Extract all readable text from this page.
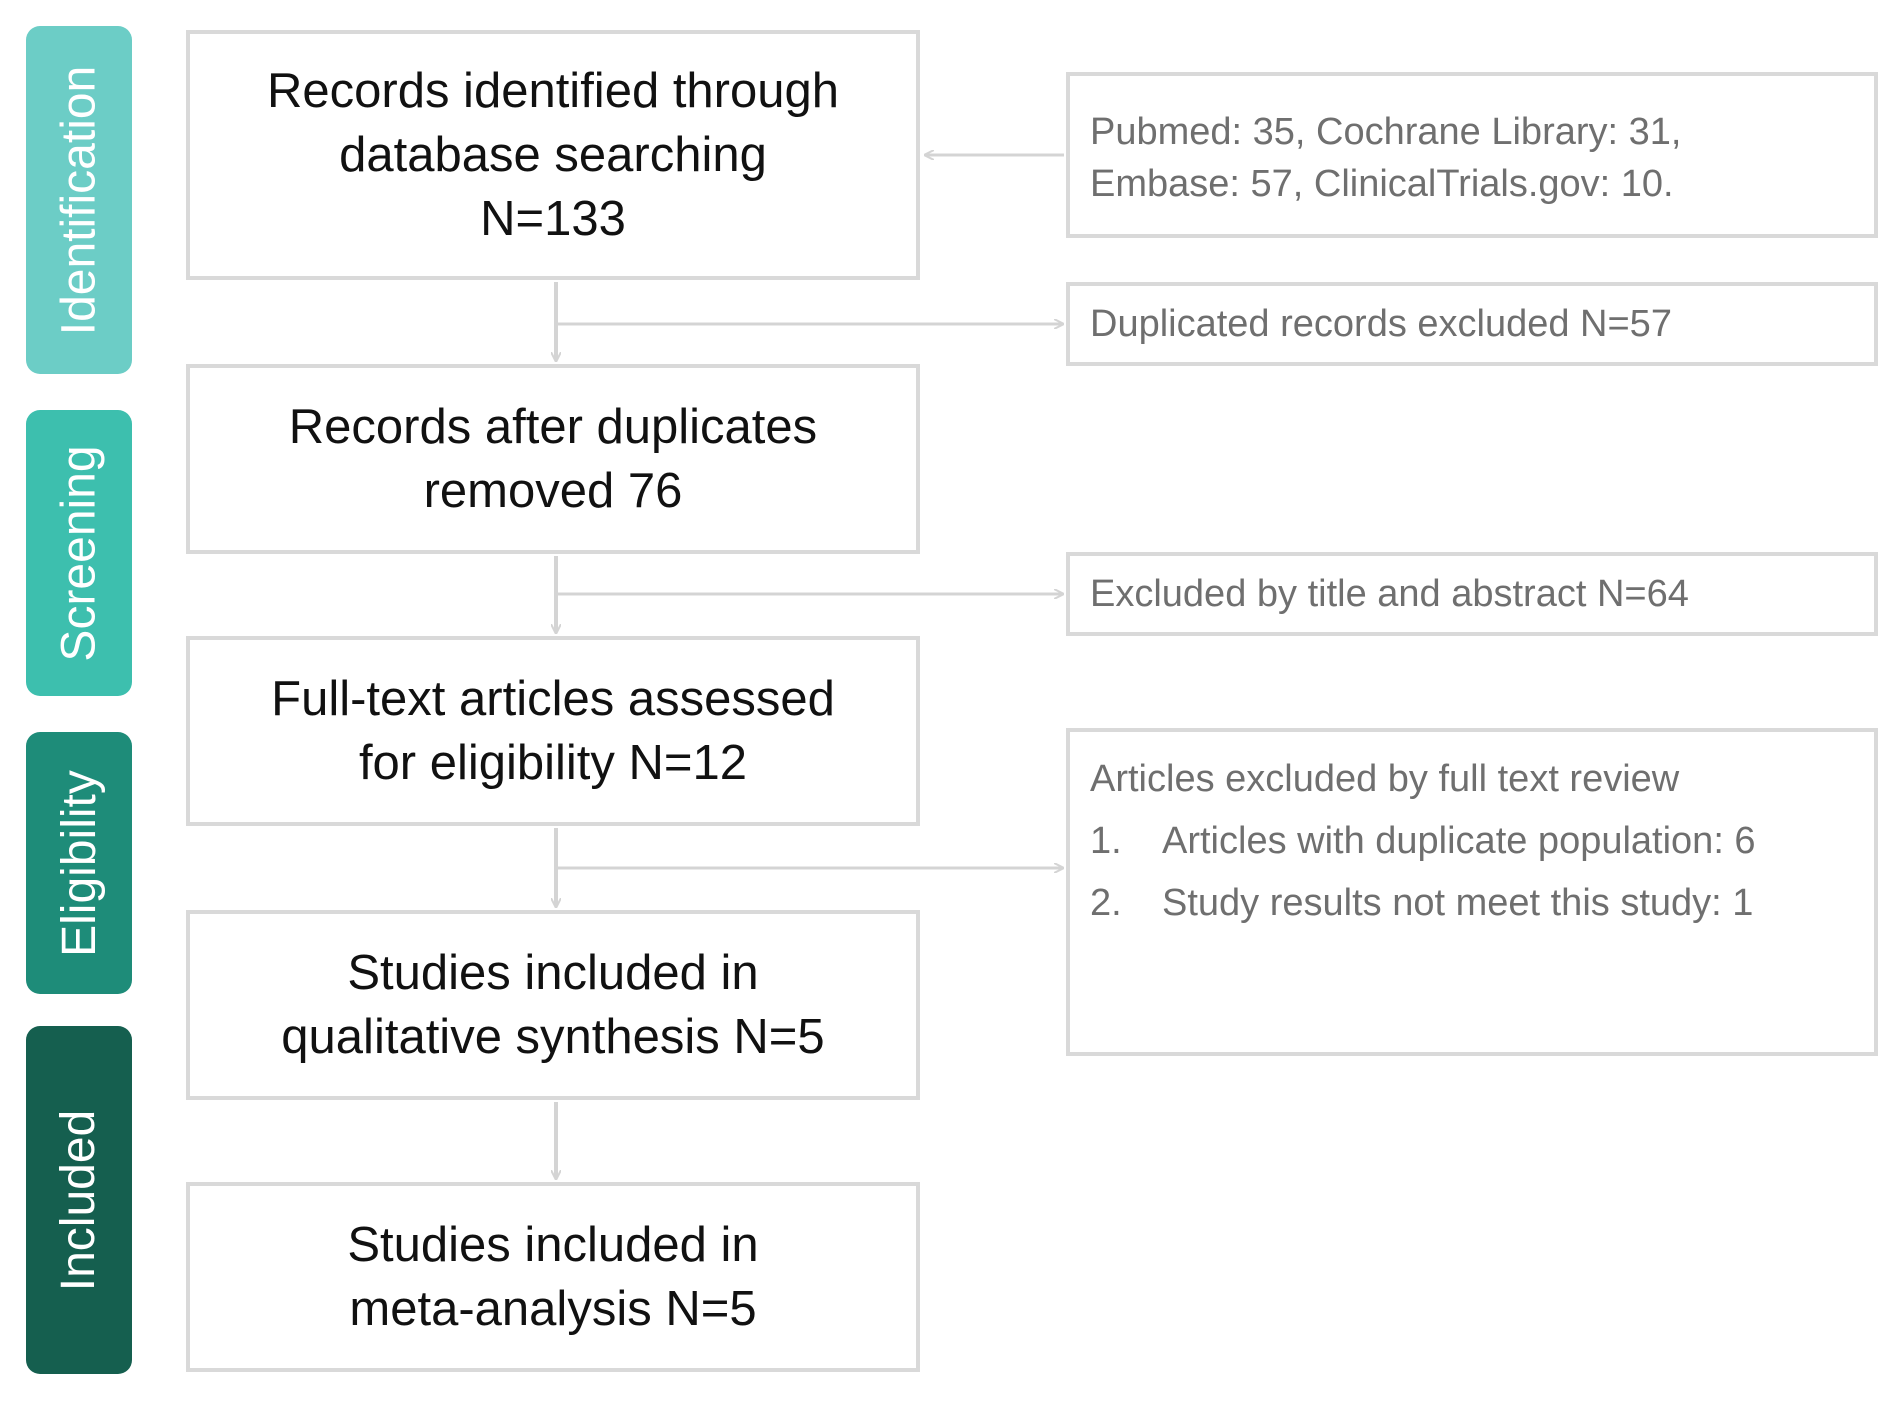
Identification
Screening
Eligibility
Included
Records identified through
database searching
N=133
Records after duplicates
removed 76
Full-text articles assessed
for eligibility N=12
Studies included in
qualitative synthesis N=5
Studies included in
meta-analysis N=5
Pubmed: 35, Cochrane Library: 31,
Embase: 57, ClinicalTrials.gov: 10.
Duplicated records excluded N=57
Excluded by title and abstract N=64
Articles excluded by full text review
1.	Articles with duplicate population: 6
2.	Study results not meet this study: 1
